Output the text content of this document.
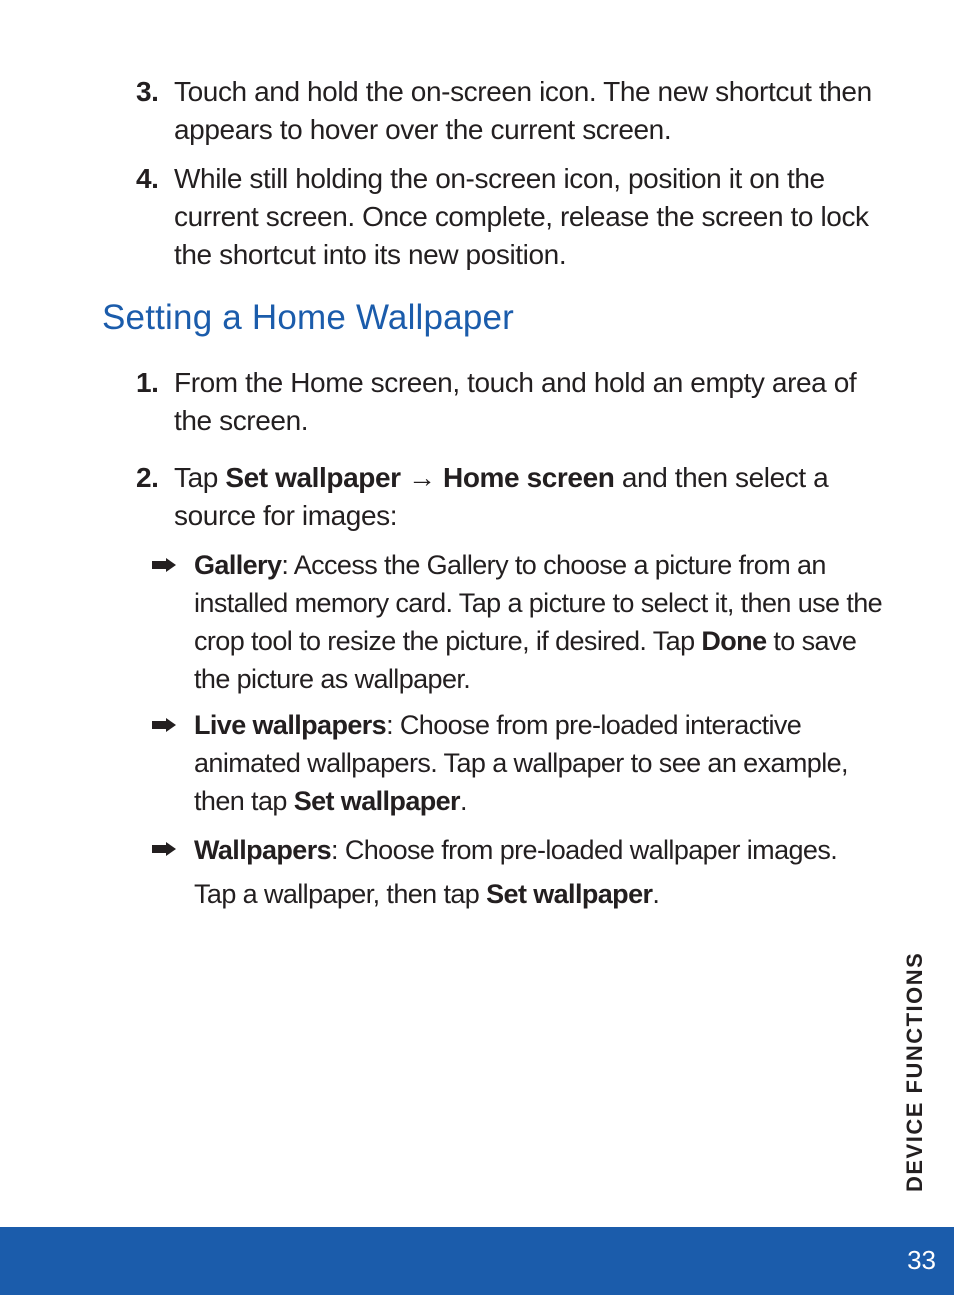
3. Touch and hold the on-screen icon. The new shortcut then appears to hover over the current screen.
4. While still holding the on-screen icon, position it on the current screen. Once complete, release the screen to lock the shortcut into its new position.
Setting a Home Wallpaper
1. From the Home screen, touch and hold an empty area of the screen.
2. Tap Set wallpaper → Home screen and then select a source for images:
Gallery: Access the Gallery to choose a picture from an installed memory card. Tap a picture to select it, then use the crop tool to resize the picture, if desired. Tap Done to save the picture as wallpaper.
Live wallpapers: Choose from pre-loaded interactive animated wallpapers. Tap a wallpaper to see an example, then tap Set wallpaper.
Wallpapers: Choose from pre-loaded wallpaper images. Tap a wallpaper, then tap Set wallpaper.
DEVICE FUNCTIONS
33
